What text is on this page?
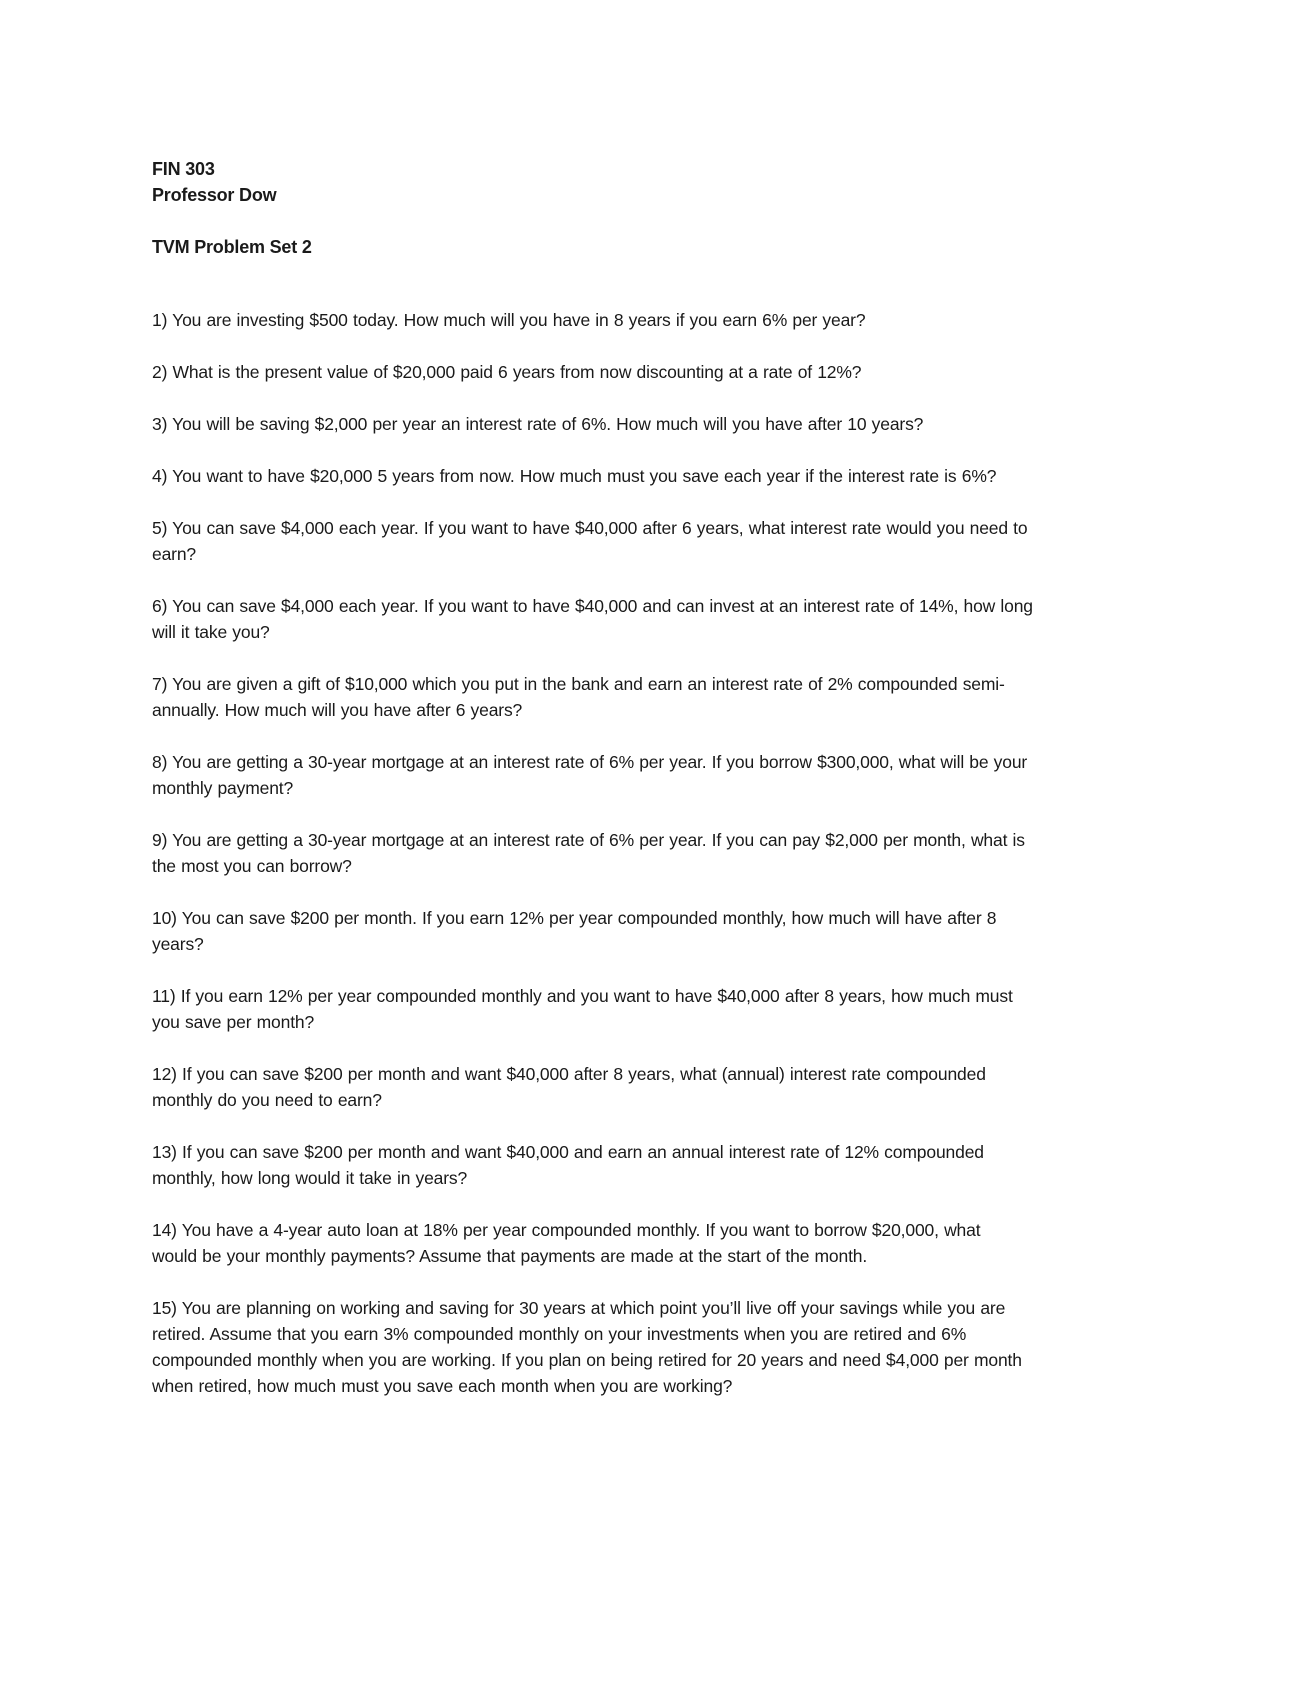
FIN 303
Professor Dow
TVM Problem Set 2
1) You are investing $500 today. How much will you have in 8 years if you earn 6% per year?
2) What is the present value of $20,000 paid 6 years from now discounting at a rate of 12%?
3) You will be saving $2,000 per year an interest rate of 6%. How much will you have after 10 years?
4) You want to have $20,000 5 years from now. How much must you save each year if the interest rate is 6%?
5) You can save $4,000 each year. If you want to have $40,000 after 6 years, what interest rate would you need to
earn?
6) You can save $4,000 each year. If you want to have $40,000 and can invest at an interest rate of 14%, how long
will it take you?
7) You are given a gift of $10,000 which you put in the bank and earn an interest rate of 2% compounded semi-
annually. How much will you have after 6 years?
8) You are getting a 30-year mortgage at an interest rate of 6% per year. If you borrow $300,000, what will be your
monthly payment?
9) You are getting a 30-year mortgage at an interest rate of 6% per year. If you can pay $2,000 per month, what is
the most you can borrow?
10) You can save $200 per month. If you earn 12% per year compounded monthly, how much will have after 8
years?
11) If you earn 12% per year compounded monthly and you want to have $40,000 after 8 years, how much must
you save per month?
12) If you can save $200 per month and want $40,000 after 8 years, what (annual) interest rate compounded
monthly do you need to earn?
13) If you can save $200 per month and want $40,000 and earn an annual interest rate of 12% compounded
monthly, how long would it take in years?
14) You have a 4-year auto loan at 18% per year compounded monthly. If you want to borrow $20,000, what
would be your monthly payments? Assume that payments are made at the start of the month.
15) You are planning on working and saving for 30 years at which point you’ll live off your savings while you are
retired. Assume that you earn 3% compounded monthly on your investments when you are retired and 6%
compounded monthly when you are working. If you plan on being retired for 20 years and need $4,000 per month
when retired, how much must you save each month when you are working?
